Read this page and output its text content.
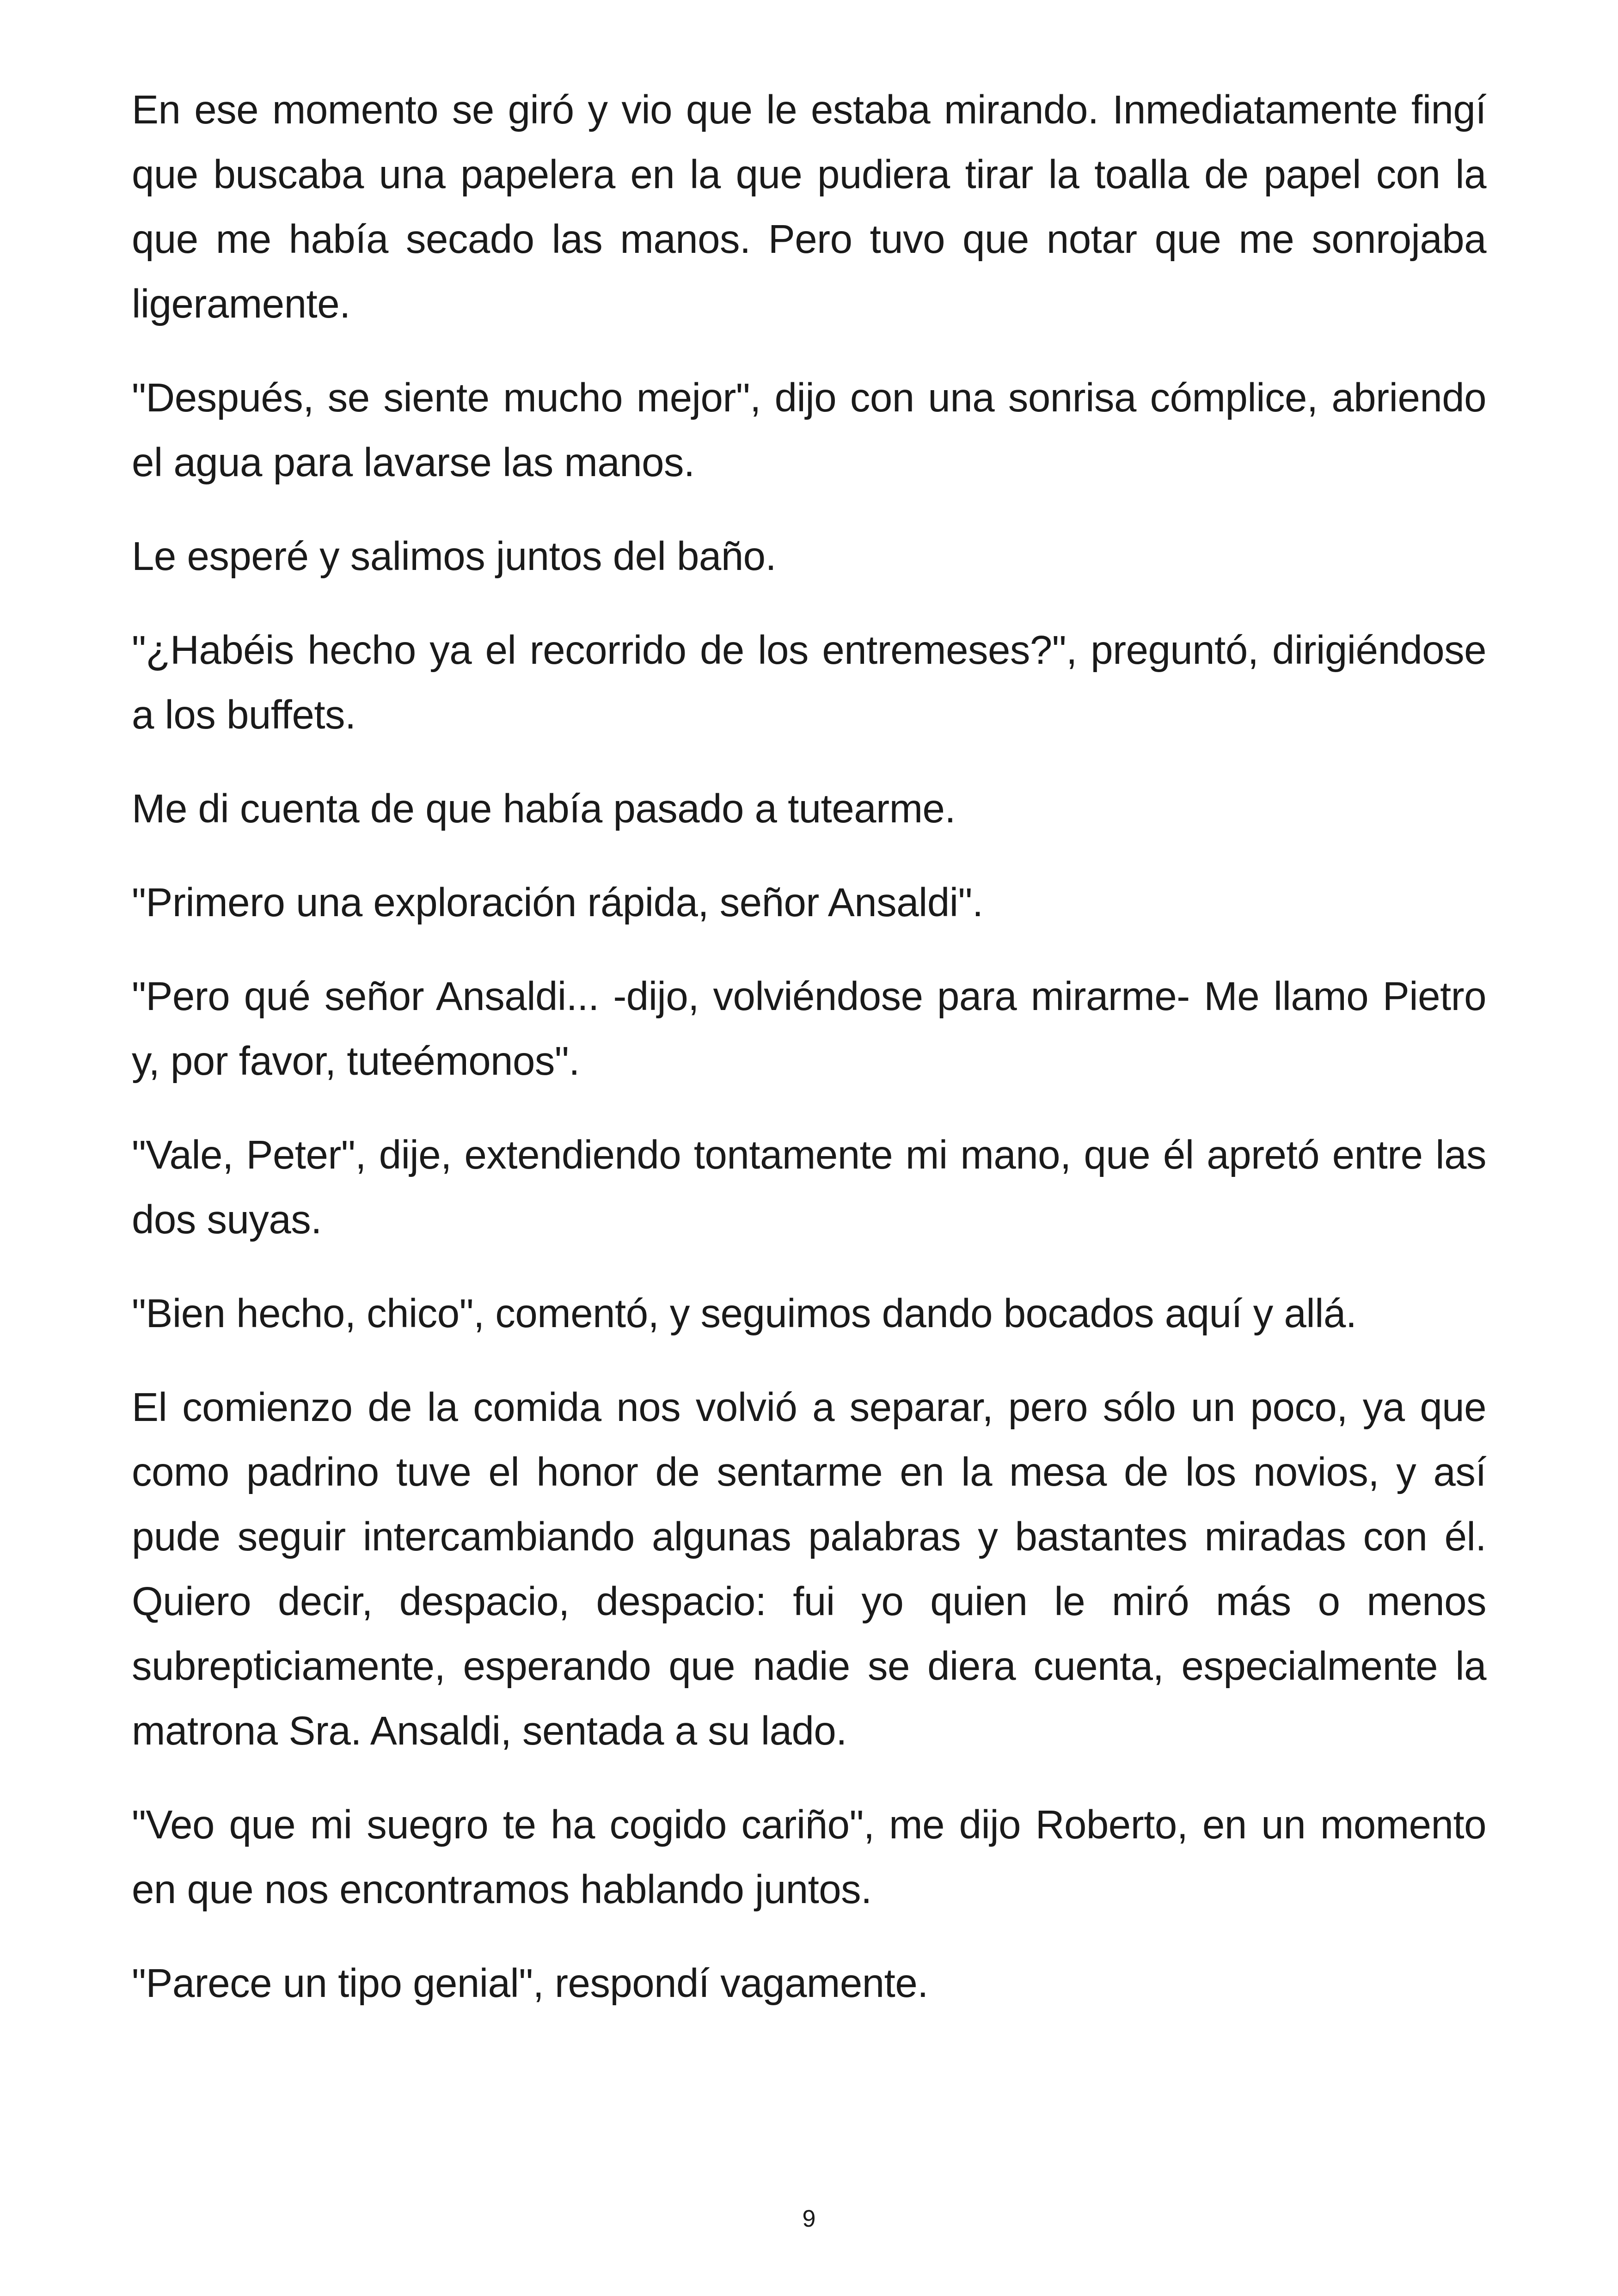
En ese momento se giró y vio que le estaba mirando. Inmediatamente fingí que buscaba una papelera en la que pudiera tirar la toalla de papel con la que me había secado las manos. Pero tuvo que notar que me sonrojaba ligeramente.

"Después, se siente mucho mejor", dijo con una sonrisa cómplice, abriendo el agua para lavarse las manos.

Le esperé y salimos juntos del baño.

"¿Habéis hecho ya el recorrido de los entremeses?", preguntó, dirigiéndose a los buffets.

Me di cuenta de que había pasado a tutearme.

"Primero una exploración rápida, señor Ansaldi".

"Pero qué señor Ansaldi... -dijo, volviéndose para mirarme- Me llamo Pietro y, por favor, tuteémonos".

"Vale, Peter", dije, extendiendo tontamente mi mano, que él apretó entre las dos suyas.

"Bien hecho, chico", comentó, y seguimos dando bocados aquí y allá.

El comienzo de la comida nos volvió a separar, pero sólo un poco, ya que como padrino tuve el honor de sentarme en la mesa de los novios, y así pude seguir intercambiando algunas palabras y bastantes miradas con él. Quiero decir, despacio, despacio: fui yo quien le miró más o menos subrepticiamente, esperando que nadie se diera cuenta, especialmente la matrona Sra. Ansaldi, sentada a su lado.

"Veo que mi suegro te ha cogido cariño", me dijo Roberto, en un momento en que nos encontramos hablando juntos.

"Parece un tipo genial", respondí vagamente.

9
